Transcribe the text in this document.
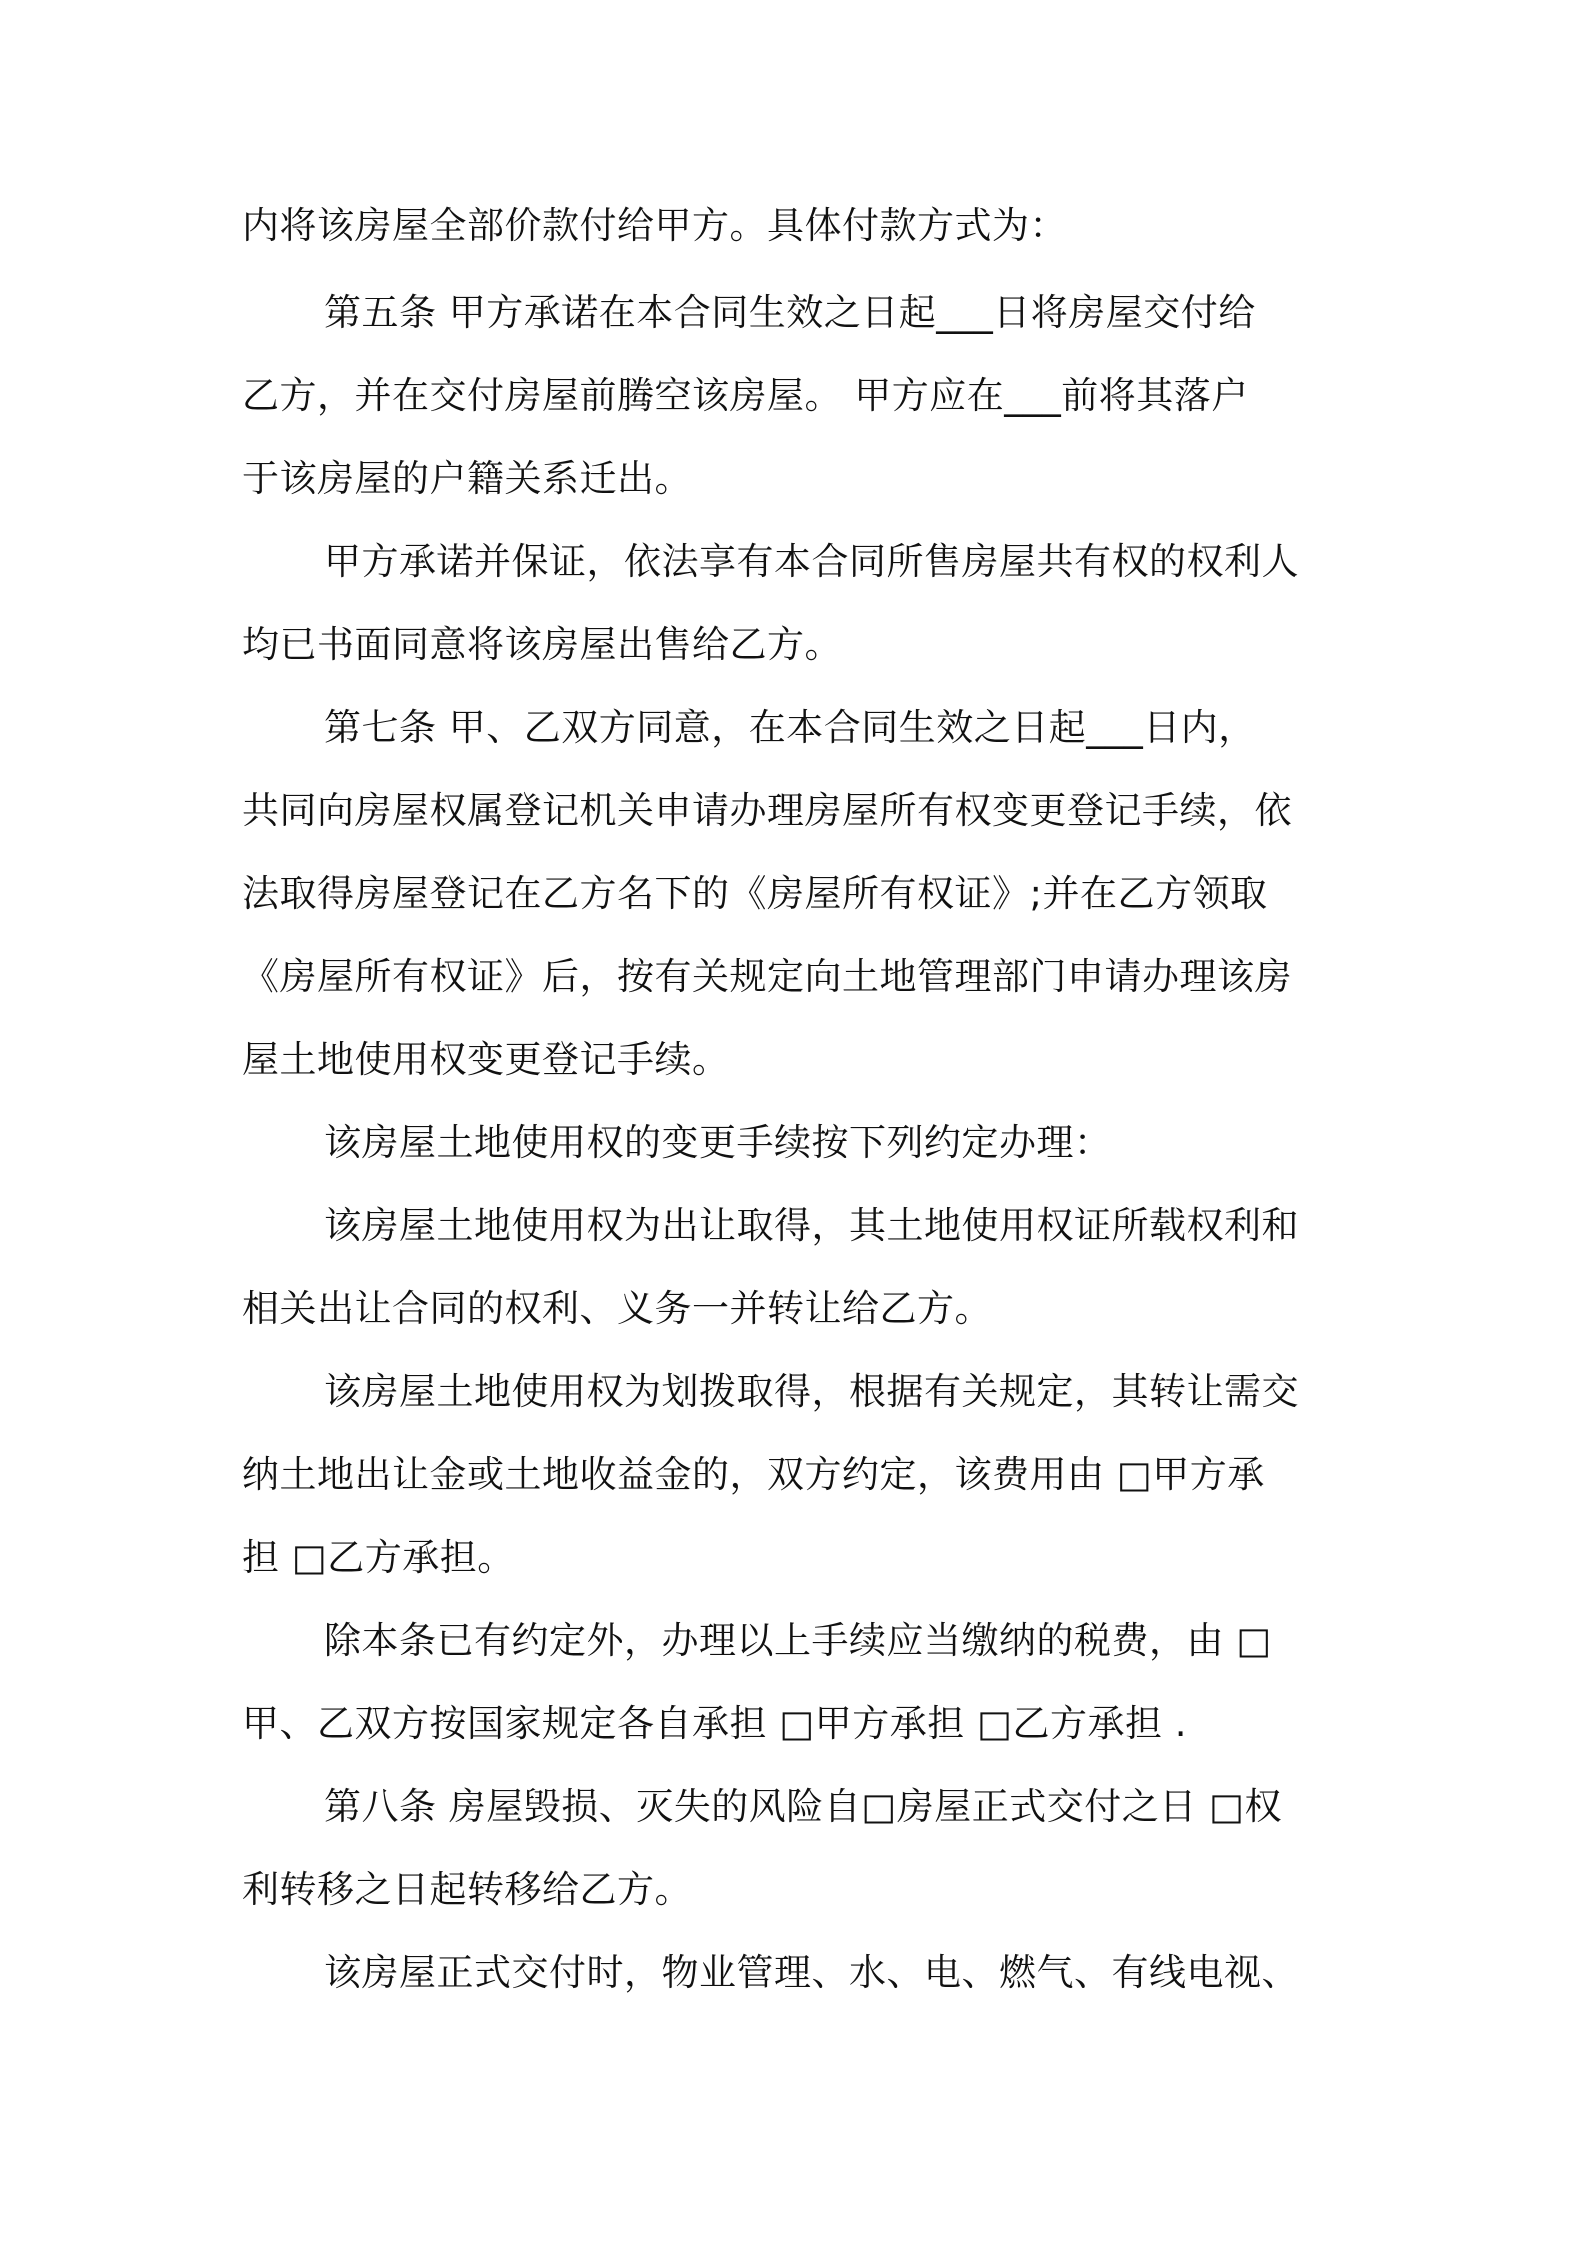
内将该房屋全部价款付给甲方。具体付款方式为：
第五条 甲方承诺在本合同生效之日起___日将房屋交付给
乙方，并在交付房屋前腾空该房屋。 甲方应在___前将其落户
于该房屋的户籍关系迁出。
甲方承诺并保证，依法享有本合同所售房屋共有权的权利人
均已书面同意将该房屋出售给乙方。
第七条 甲、乙双方同意，在本合同生效之日起___日内，
共同向房屋权属登记机关申请办理房屋所有权变更登记手续，依
法取得房屋登记在乙方名下的《房屋所有权证》;并在乙方领取
《房屋所有权证》后，按有关规定向土地管理部门申请办理该房
屋土地使用权变更登记手续。
该房屋土地使用权的变更手续按下列约定办理：
该房屋土地使用权为出让取得，其土地使用权证所载权利和
相关出让合同的权利、义务一并转让给乙方。
该房屋土地使用权为划拨取得，根据有关规定，其转让需交
纳土地出让金或土地收益金的，双方约定，该费用由 □甲方承
担 □乙方承担。
除本条已有约定外，办理以上手续应当缴纳的税费，由 □
甲、乙双方按国家规定各自承担 □甲方承担 □乙方承担 .
第八条 房屋毁损、灭失的风险自□房屋正式交付之日 □权
利转移之日起转移给乙方。
该房屋正式交付时，物业管理、水、电、燃气、有线电视、
